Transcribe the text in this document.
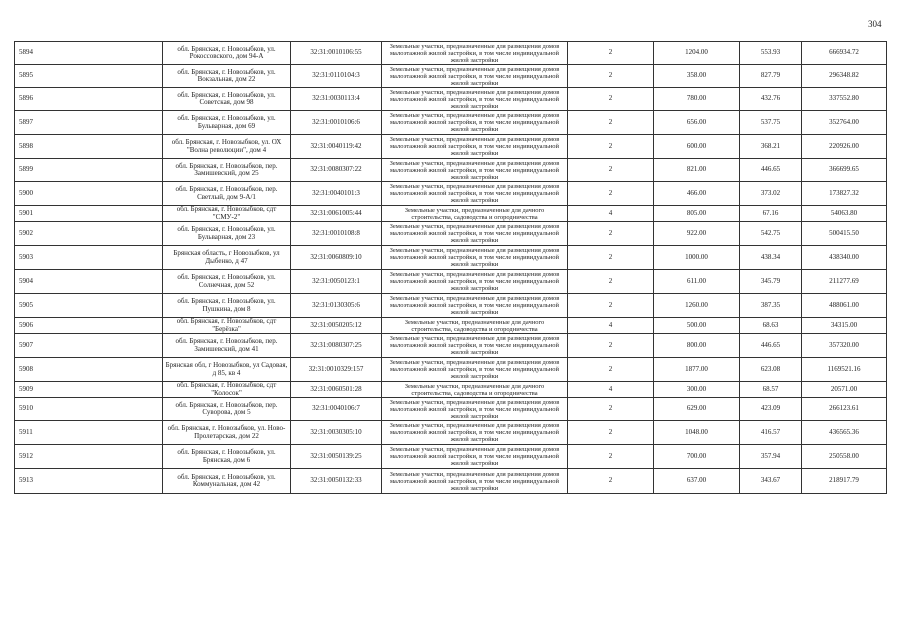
304
5894	обл. Брянская, г. Новозыбков, ул. Рокоссовского, дом 94-А	32:31:0010106:55	Земельные участки, предназначенные для размещения домов малоэтажной жилой застройки, в том числе индивидуальной жилой застройки	2	1204.00	553.93	666934.72
5895	обл. Брянская, г. Новозыбков, ул. Вокзальная, дом 22	32:31:0110104:3	Земельные участки, предназначенные для размещения домов малоэтажной жилой застройки, в том числе индивидуальной жилой застройки	2	358.00	827.79	296348.82
5896	обл. Брянская, г. Новозыбков, ул. Советская, дом 98	32:31:0030113:4	Земельные участки, предназначенные для размещения домов малоэтажной жилой застройки, в том числе индивидуальной жилой застройки	2	780.00	432.76	337552.80
5897	обл. Брянская, г. Новозыбков, ул. Бульварная, дом 69	32:31:0010106:6	Земельные участки, предназначенные для размещения домов малоэтажной жилой застройки, в том числе индивидуальной жилой застройки	2	656.00	537.75	352764.00
5898	обл. Брянская, г. Новозыбков, ул. ОХ "Волна революции", дом 4	32:31:0040119:42	Земельные участки, предназначенные для размещения домов малоэтажной жилой застройки, в том числе индивидуальной жилой застройки	2	600.00	368.21	220926.00
5899	обл. Брянская, г. Новозыбков, пер. Замишевский, дом 25	32:31:0080307:22	Земельные участки, предназначенные для размещения домов малоэтажной жилой застройки, в том числе индивидуальной жилой застройки	2	821.00	446.65	366699.65
5900	обл. Брянская, г. Новозыбков, пер. Светлый, дом 9-А/1	32:31:0040101:3	Земельные участки, предназначенные для размещения домов малоэтажной жилой застройки, в том числе индивидуальной жилой застройки	2	466.00	373.02	173827.32
5901	обл. Брянская, г. Новозыбков, сдт "СМУ-2"	32:31:0061005:44	Земельные участки, предназначенные для дачного строительства, садоводства и огородничества	4	805.00	67.16	54063.80
5902	обл. Брянская, г. Новозыбков, ул. Бульварная, дом 23	32:31:0010108:8	Земельные участки, предназначенные для размещения домов малоэтажной жилой застройки, в том числе индивидуальной жилой застройки	2	922.00	542.75	500415.50
5903	Брянская область, г Новозыбков, ул Дыбенко, д 47	32:31:0060809:10	Земельные участки, предназначенные для размещения домов малоэтажной жилой застройки, в том числе индивидуальной жилой застройки	2	1000.00	438.34	438340.00
5904	обл. Брянская, г. Новозыбков, ул. Солнечная, дом 52	32:31:0050123:1	Земельные участки, предназначенные для размещения домов малоэтажной жилой застройки, в том числе индивидуальной жилой застройки	2	611.00	345.79	211277.69
5905	обл. Брянская, г. Новозыбков, ул. Пушкина, дом 8	32:31:0130305:6	Земельные участки, предназначенные для размещения домов малоэтажной жилой застройки, в том числе индивидуальной жилой застройки	2	1260.00	387.35	488061.00
5906	обл. Брянская, г. Новозыбков, сдт "Берёзка"	32:31:0050205:12	Земельные участки, предназначенные для дачного строительства, садоводства и огородничества	4	500.00	68.63	34315.00
5907	обл. Брянская, г. Новозыбков, пер. Замишевский, дом 41	32:31:0080307:25	Земельные участки, предназначенные для размещения домов малоэтажной жилой застройки, в том числе индивидуальной жилой застройки	2	800.00	446.65	357320.00
5908	Брянская обл, г Новозыбков, ул Садовая, д 85, кв 4	32:31:0010329:157	Земельные участки, предназначенные для размещения домов малоэтажной жилой застройки, в том числе индивидуальной жилой застройки	2	1877.00	623.08	1169521.16
5909	обл. Брянская, г. Новозыбков, сдт "Колосок"	32:31:0060501:28	Земельные участки, предназначенные для дачного строительства, садоводства и огородничества	4	300.00	68.57	20571.00
5910	обл. Брянская, г. Новозыбков, пер. Суворова, дом 5	32:31:0040106:7	Земельные участки, предназначенные для размещения домов малоэтажной жилой застройки, в том числе индивидуальной жилой застройки	2	629.00	423.09	266123.61
5911	обл. Брянская, г. Новозыбков, ул. Ново-Пролетарская, дом 22	32:31:0030305:10	Земельные участки, предназначенные для размещения домов малоэтажной жилой застройки, в том числе индивидуальной жилой застройки	2	1048.00	416.57	436565.36
5912	обл. Брянская, г. Новозыбков, ул. Брянская, дом 6	32:31:0050139:25	Земельные участки, предназначенные для размещения домов малоэтажной жилой застройки, в том числе индивидуальной жилой застройки	2	700.00	357.94	250558.00
5913	обл. Брянская, г. Новозыбков, ул. Коммунальная, дом 42	32:31:0050132:33	Земельные участки, предназначенные для размещения домов малоэтажной жилой застройки, в том числе индивидуальной жилой застройки	2	637.00	343.67	218917.79
